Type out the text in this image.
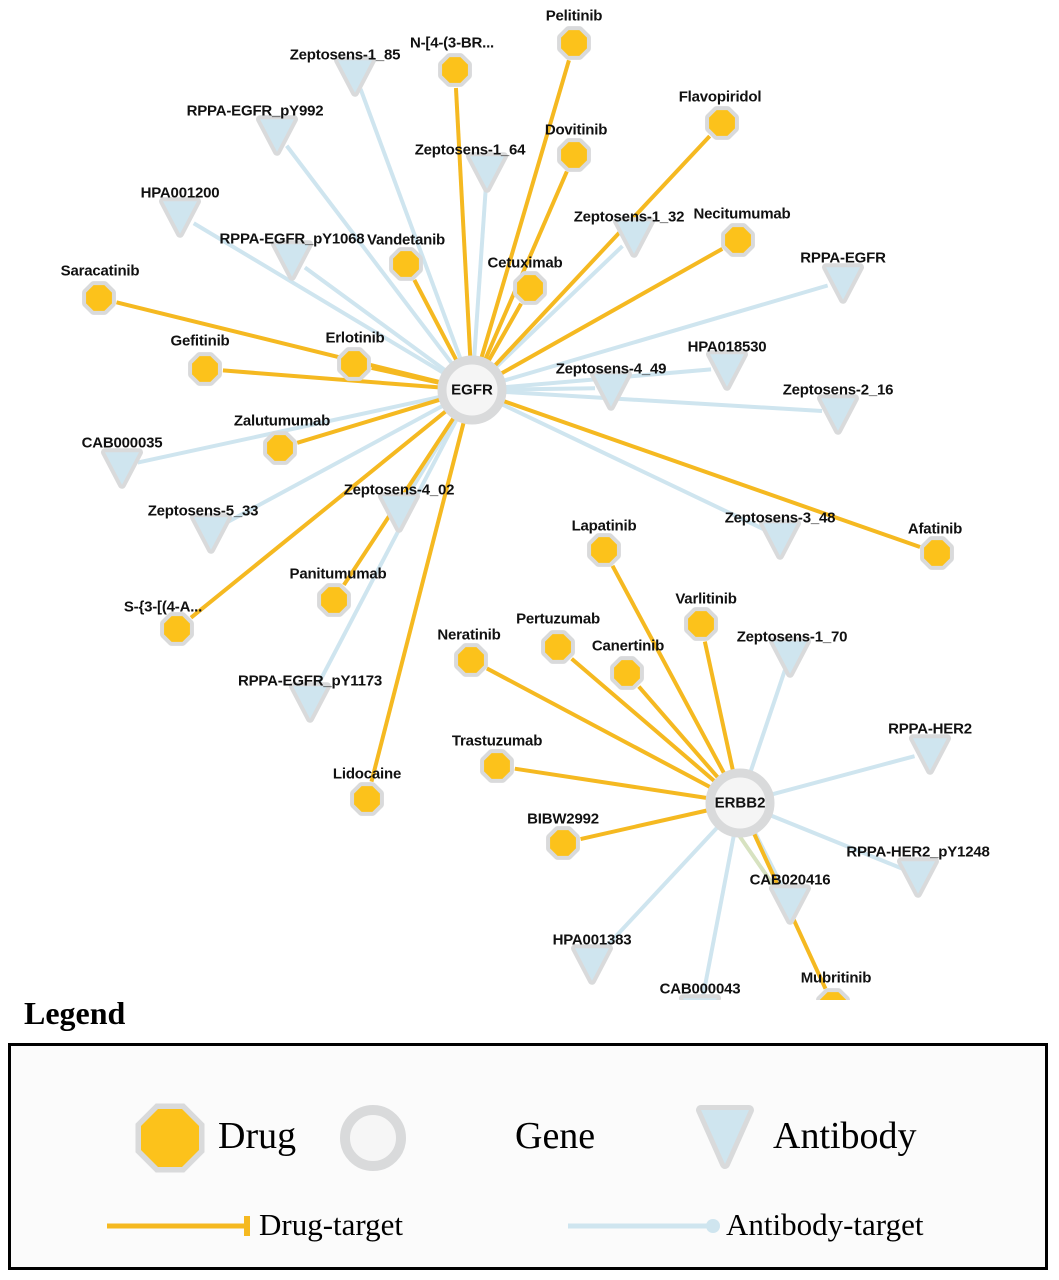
Zeptosens-1_85
RPPA-EGFR_pY992
Zeptosens-1_64
HPA001200
Zeptosens-1_32
RPPA-EGFR_pY1068
RPPA-EGFR
HPA018530
Zeptosens-4_49
Zeptosens-2_16
CAB000035
Zeptosens-4_02
Zeptosens-5_33	Zeptosens-3_48
Zeptosens-1_70
RPPA-EGFR_pY1173
RPPA-HER2
RPPA-HER2_pY1248
CAB020416
HPA001383
CAB000043
Pelitinib
N-[4-(3-BR...
Dovitinib
Flavopiridol
Necitumumab
Vandetanib
Cetuximab
Saracatinib
Gefitinib	Erlotinib
Zalutumumab
Afatinib
Lapatinib
Varlitinib
Panitumumab
S-{3-[(4-A...
Pertuzumab
Neratinib
Canertinib
Trastuzumab
Lidocaine
BIBW2992
Mubritinib
EGFR
ERBB2
Legend
Drug	Gene	Antibody
Drug-target	Antibody-target
